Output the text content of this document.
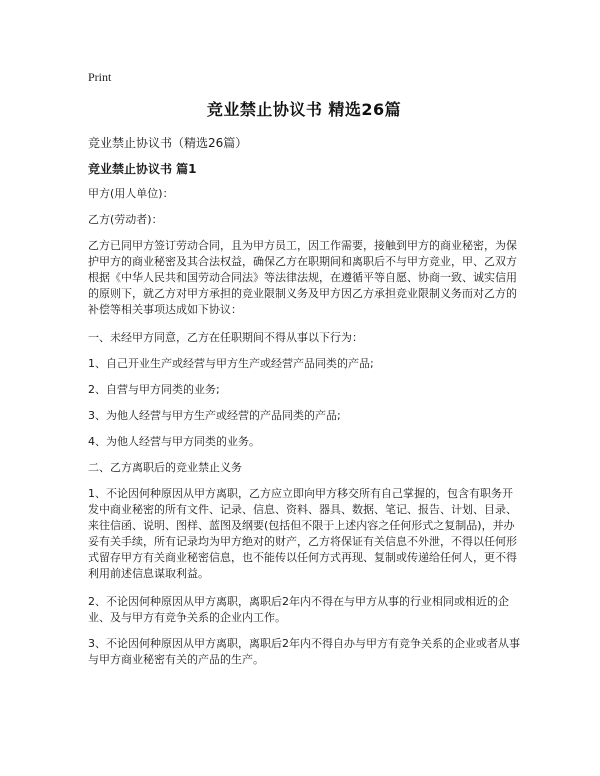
Print
竞业禁止协议书 精选26篇

竞业禁止协议书（精选26篇）

竞业禁止协议书 篇1

甲方(用人单位)：

乙方(劳动者)：

乙方已同甲方签订劳动合同，且为甲方员工，因工作需要，接触到甲方的商业秘密，为保护甲方的商业秘密及其合法权益，确保乙方在职期间和离职后不与甲方竞业，甲、乙双方根据《中华人民共和国劳动合同法》等法律法规，在遵循平等自愿、协商一致、诚实信用的原则下，就乙方对甲方承担的竞业限制义务及甲方因乙方承担竞业限制义务而对乙方的补偿等相关事项达成如下协议：

一、未经甲方同意，乙方在任职期间不得从事以下行为：

1、自己开业生产或经营与甲方生产或经营产品同类的产品;

2、自营与甲方同类的业务;

3、为他人经营与甲方生产或经营的产品同类的产品;

4、为他人经营与甲方同类的业务。

二、乙方离职后的竞业禁止义务

1、不论因何种原因从甲方离职，乙方应立即向甲方移交所有自己掌握的，包含有职务开发中商业秘密的所有文件、记录、信息、资料、器具、数据、笔记、报告、计划、目录、来往信函、说明、图样、蓝图及纲要(包括但不限于上述内容之任何形式之复制品)，并办妥有关手续，所有记录均为甲方绝对的财产，乙方将保证有关信息不外泄，不得以任何形式留存甲方有关商业秘密信息，也不能传以任何方式再现、复制或传递给任何人，更不得利用前述信息谋取利益。

2、不论因何种原因从甲方离职，离职后2年内不得在与甲方从事的行业相同或相近的企业、及与甲方有竞争关系的企业内工作。

3、不论因何种原因从甲方离职，离职后2年内不得自办与甲方有竞争关系的企业或者从事与甲方商业秘密有关的产品的生产。
